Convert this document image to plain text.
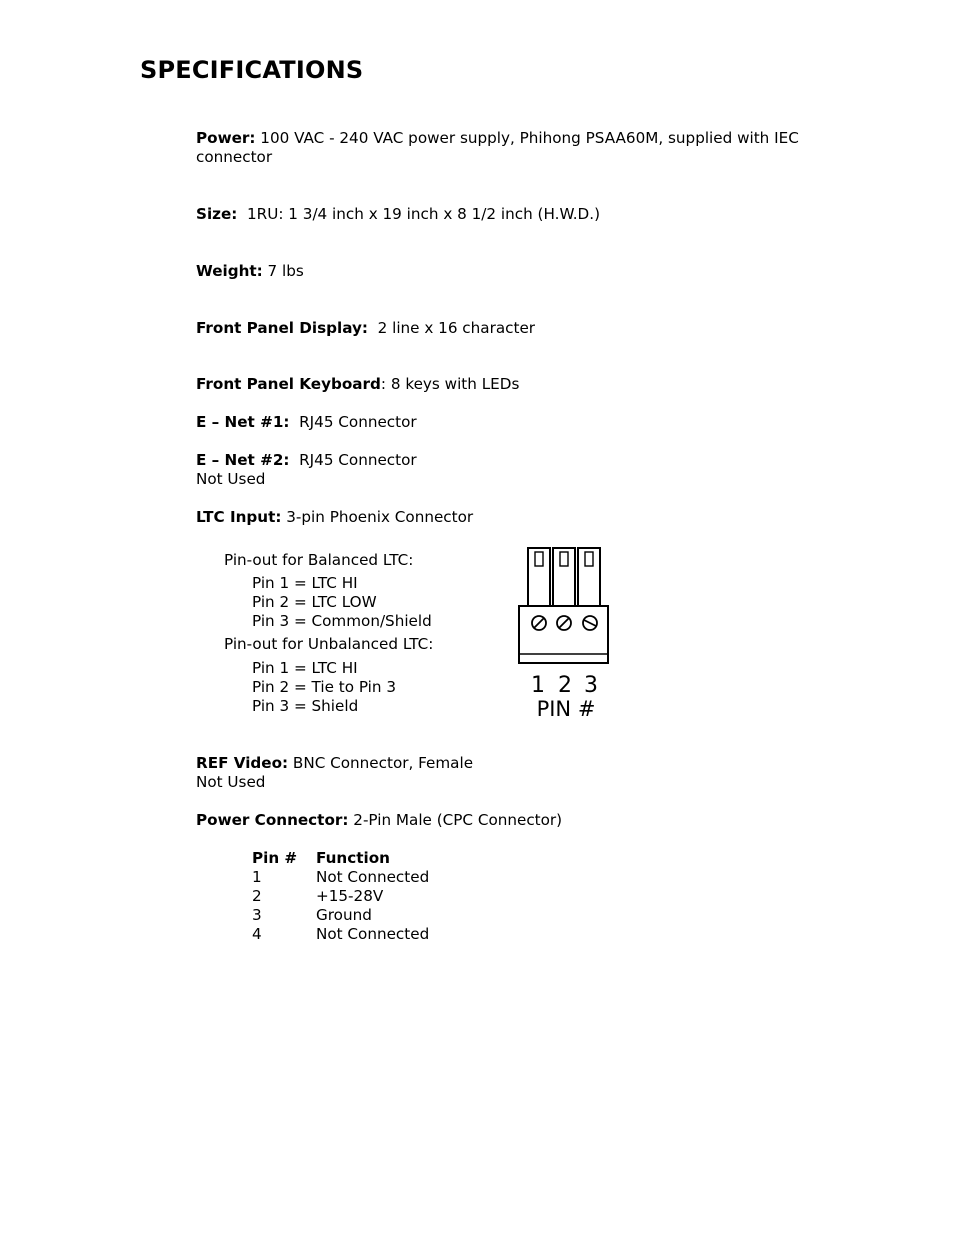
SPECIFICATIONS
Power: 100 VAC - 240 VAC power supply, Phihong PSAA60M, supplied with IEC connector
Size:  1RU: 1 3/4 inch x 19 inch x 8 1/2 inch (H.W.D.)
Weight: 7 lbs
Front Panel Display:  2 line x 16 character
Front Panel Keyboard: 8 keys with LEDs
E – Net #1:  RJ45 Connector
E – Net #2:  RJ45 Connector
Not Used
LTC Input: 3-pin Phoenix Connector
Pin-out for Balanced LTC:
Pin 1 = LTC HI
Pin 2 = LTC LOW
Pin 3 = Common/Shield
Pin-out for Unbalanced LTC:
Pin 1 = LTC HI
Pin 2 = Tie to Pin 3
Pin 3 = Shield
1 2 3
PIN #
REF Video: BNC Connector, Female
Not Used
Power Connector: 2-Pin Male (CPC Connector)
Pin #	Function
1	Not Connected
2	+15-28V
3	Ground
4	Not Connected
